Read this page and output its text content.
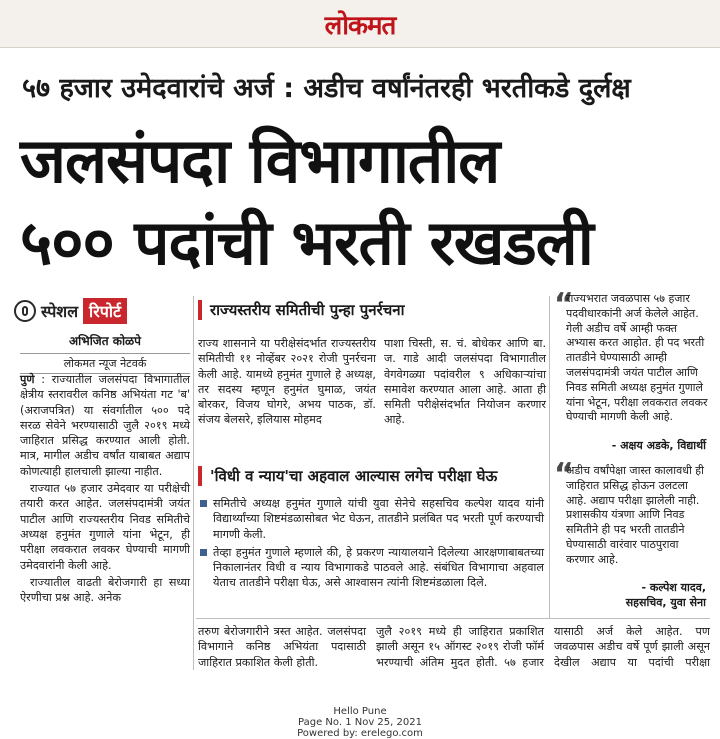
लोकमत
५७ हजार उमेदवारांचे अर्ज : अडीच वर्षांनंतरही भरतीकडे दुर्लक्ष
जलसंपदा विभागातील
५०० पदांची भरती रखडली
स्पेशल रिपोर्ट
अभिजित कोळपे
लोकमत न्यूज नेटवर्क

पुणे : राज्यातील जलसंपदा विभागातील क्षेत्रीय स्तरावरील कनिष्ठ अभियंता गट 'ब' (अराजपत्रित) या संवर्गातील ५०० पदे सरळ सेवेने भरण्यासाठी जुलै २०१९ मध्ये जाहिरात प्रसिद्ध करण्यात आली होती. मात्र, मागील अडीच वर्षांत याबाबत अद्याप कोणत्याही हालचाली झाल्या नाहीत.

राज्यात ५७ हजार उमेदवार या परीक्षेची तयारी करत आहेत. जलसंपदामंत्री जयंत पाटील आणि राज्यस्तरीय निवड समितीचे अध्यक्ष हनुमंत गुणाले यांना भेटून, ही परीक्षा लवकरात लवकर घेण्याची मागणी उमेदवारांनी केली आहे.

राज्यातील वाढती बेरोजगारी हा सध्या ऐरणीचा प्रश्न आहे. अनेक

राज्यस्तरीय समितीची पुन्हा पुनर्रचना
राज्य शासनाने या परीक्षेसंदर्भात राज्यस्तरीय समितीची ११ नोव्हेंबर २०२१ रोजी पुनर्रचना केली आहे. यामध्ये हनुमंत गुणाले हे अध्यक्ष, तर सदस्य म्हणून हनुमंत घुमाळ, जयंत बोरकर, विजय घोगरे, अभय पाठक, डॉ. संजय बेलसरे, इलियास मोहमद
पाशा चिस्ती, स. चं. बोधेकर आणि बा. ज. गाडे आदी जलसंपदा विभागातील वेगवेगळ्या पदांवरील ९ अधिकाऱ्यांचा समावेश करण्यात आला आहे. आता ही समिती परीक्षेसंदर्भात नियोजन करणार आहे.
'विधी व न्याय'चा अहवाल आल्यास लगेच परीक्षा घेऊ
समितीचे अध्यक्ष हनुमंत गुणाले यांची युवा सेनेचे सहसचिव कल्पेश यादव यांनी विद्यार्थ्यांच्या शिष्टमंडळासोबत भेट घेऊन, तातडीने प्रलंबित पद भरती पूर्ण करण्याची मागणी केली.
तेव्हा हनुमंत गुणाले म्हणाले की, हे प्रकरण न्यायालयाने दिलेल्या आरक्षणाबाबतच्या निकालानंतर विधी व न्याय विभागाकडे पाठवले आहे. संबंधित विभागाचा अहवाल येताच तातडीने परीक्षा घेऊ, असे आश्वासन त्यांनी शिष्टमंडळाला दिले.
“
राज्यभरात जवळपास ५७ हजार पदवीधारकांनी अर्ज केलेले आहेत. गेली अडीच वर्षे आम्ही फक्त अभ्यास करत आहोत. ही पद भरती तातडीने घेण्यासाठी आम्ही जलसंपदामंत्री जयंत पाटील आणि निवड समिती अध्यक्ष हनुमंत गुणाले यांना भेटून, परीक्षा लवकरात लवकर घेण्याची मागणी केली आहे.
- अक्षय अडके, विद्यार्थी
“
अडीच वर्षांपेक्षा जास्त कालावधी ही जाहिरात प्रसिद्ध होऊन उलटला आहे. अद्याप परीक्षा झालेली नाही. प्रशासकीय यंत्रणा आणि निवड समितीने ही पद भरती तातडीने घेण्यासाठी वारंवार पाठपुरावा करणार आहे.
- कल्पेश यादव,
सहसचिव, युवा सेना
तरुण बेरोजगारीने त्रस्त आहेत. जलसंपदा विभागाने कनिष्ठ अभियंता पदासाठी जाहिरात प्रकाशित केली होती.
जुलै २०१९ मध्ये ही जाहिरात प्रकाशित झाली असून १५ ऑगस्ट २०१९ रोजी फॉर्म भरण्याची अंतिम मुदत होती. ५७ हजार
यासाठी अर्ज केले आहेत. पण जवळपास अडीच वर्षे पूर्ण झाली असून देखील अद्याप या पदांची परीक्षा
Hello Pune
Page No. 1 Nov 25, 2021
Powered by: erelego.com
